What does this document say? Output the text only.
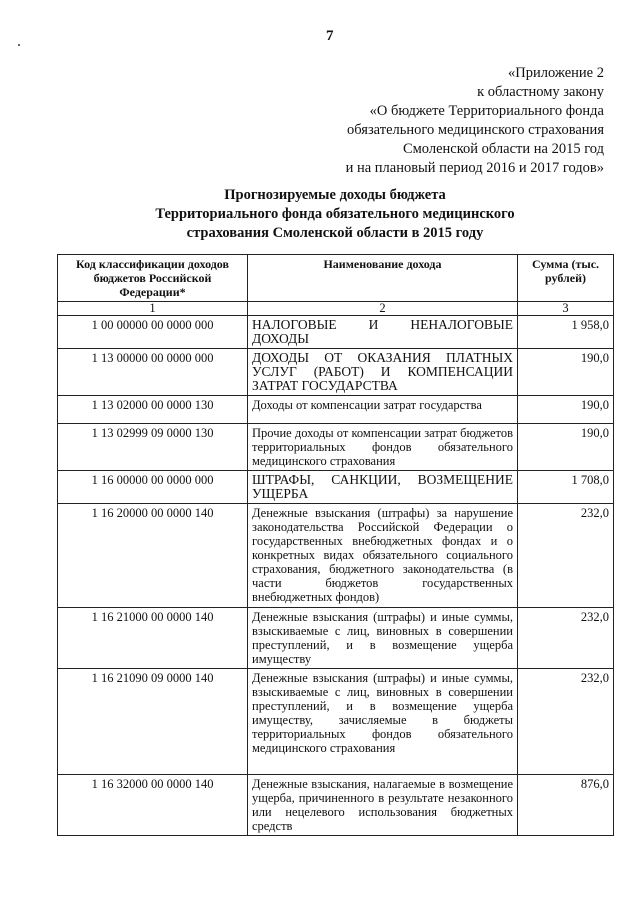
7
«Приложение 2
к областному закону
«О бюджете Территориального фонда
обязательного медицинского страхования
Смоленской области на 2015 год
и на плановый период 2016 и 2017 годов»
Прогнозируемые доходы бюджета
Территориального фонда обязательного медицинского
страхования Смоленской области в 2015 году
Код классификации доходов бюджетов Российской Федерации*	Наименование дохода	Сумма (тыс. рублей)
1	2	3
1 00 00000 00 0000 000	НАЛОГОВЫЕ И НЕНАЛОГОВЫЕ ДОХОДЫ	1 958,0
1 13 00000 00 0000 000	ДОХОДЫ ОТ ОКАЗАНИЯ ПЛАТНЫХ УСЛУГ (РАБОТ) И КОМПЕНСАЦИИ ЗАТРАТ ГОСУДАРСТВА	190,0
1 13 02000 00 0000 130	Доходы от компенсации затрат государства	190,0
1 13 02999 09 0000 130	Прочие доходы от компенсации затрат бюджетов территориальных фондов обязательного медицинского страхования	190,0
1 16 00000 00 0000 000	ШТРАФЫ, САНКЦИИ, ВОЗМЕЩЕНИЕ УЩЕРБА	1 708,0
1 16 20000 00 0000 140	Денежные взыскания (штрафы) за нарушение законодательства Российской Федерации о государственных внебюджетных фондах и о конкретных видах обязательного социального страхования, бюджетного законодательства (в части бюджетов государственных внебюджетных фондов)	232,0
1 16 21000 00 0000 140	Денежные взыскания (штрафы) и иные суммы, взыскиваемые с лиц, виновных в совершении преступлений, и в возмещение ущерба имуществу	232,0
1 16 21090 09 0000 140	Денежные взыскания (штрафы) и иные суммы, взыскиваемые с лиц, виновных в совершении преступлений, и в возмещение ущерба имуществу, зачисляемые в бюджеты территориальных фондов обязательного медицинского страхования	232,0
1 16 32000 00 0000 140	Денежные взыскания, налагаемые в возмещение ущерба, причиненного в результате незаконного или нецелевого использования бюджетных средств	876,0
